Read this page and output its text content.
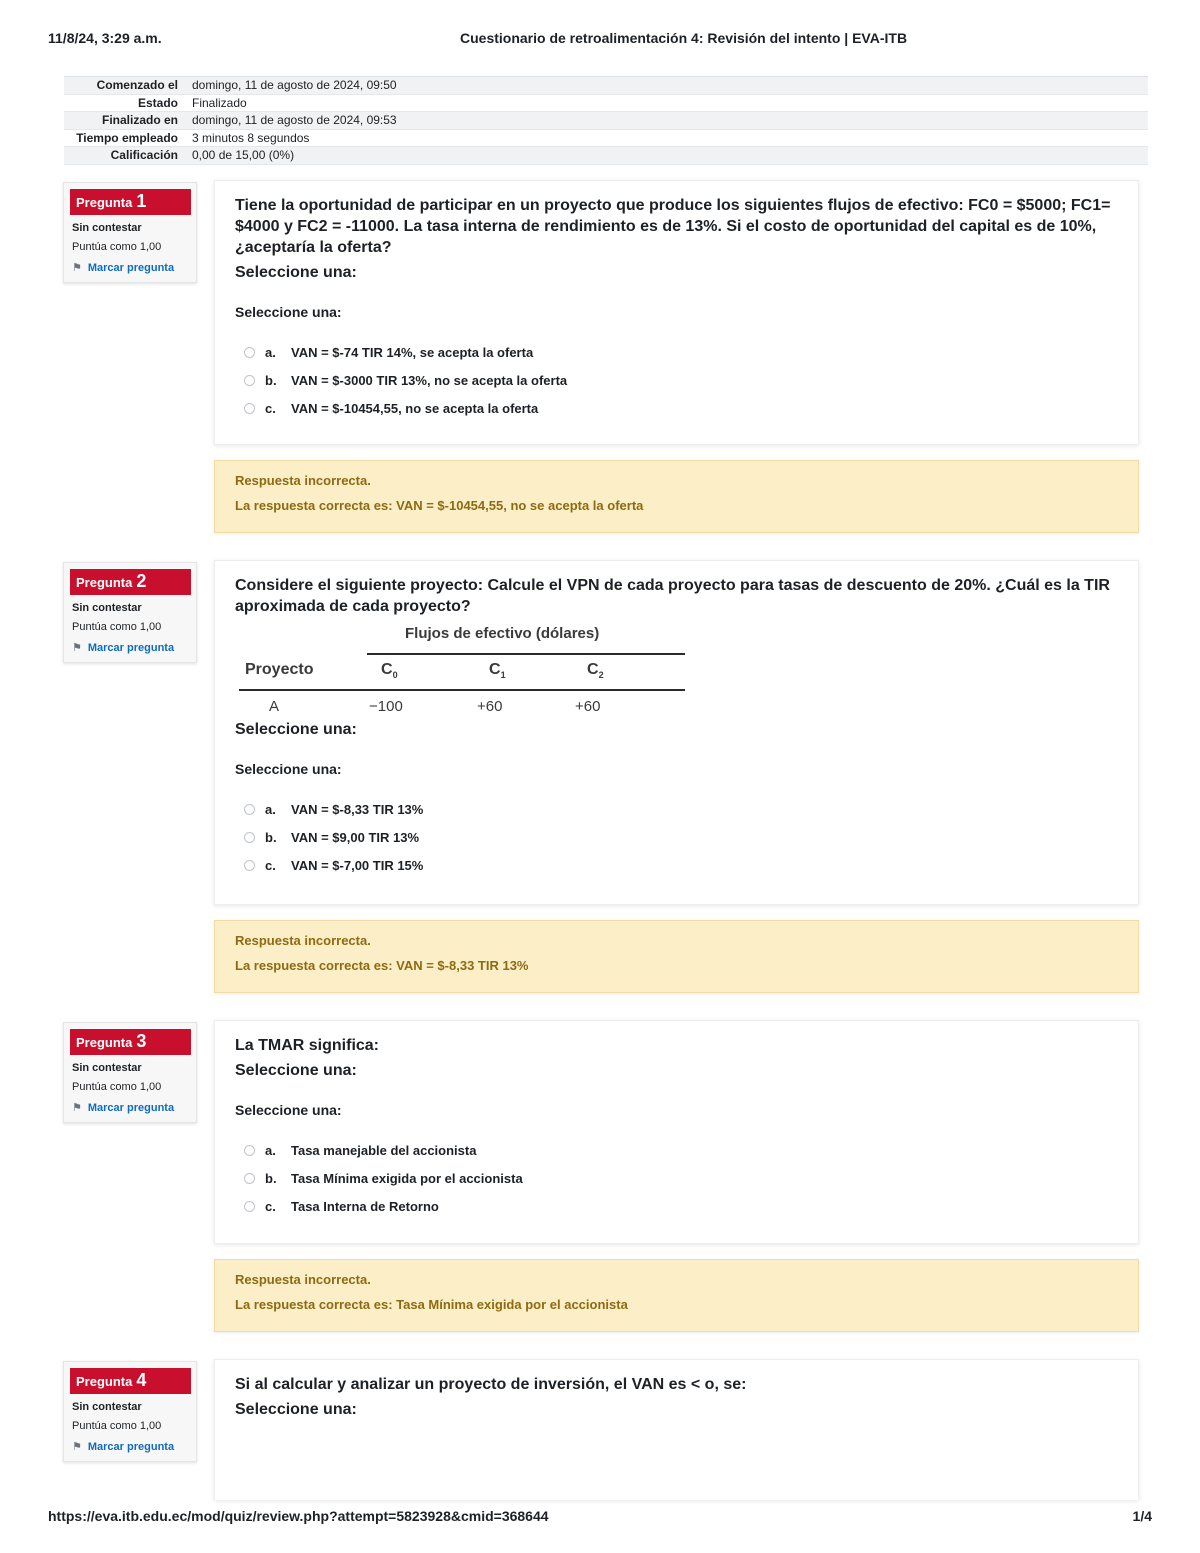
11/8/24, 3:29 a.m.	Cuestionario de retroalimentación 4: Revisión del intento | EVA-ITB
Comenzado el	domingo, 11 de agosto de 2024, 09:50
Estado	Finalizado
Finalizado en	domingo, 11 de agosto de 2024, 09:53
Tiempo empleado	3 minutos 8 segundos
Calificación	0,00 de 15,00 (0%)
Pregunta 1
Sin contestar
Puntúa como 1,00
⚑ Marcar pregunta
Tiene la oportunidad de participar en un proyecto que produce los siguientes flujos de efectivo: FC0 = $5000; FC1= $4000 y FC2 = -11000. La tasa interna de rendimiento es de 13%. Si el costo de oportunidad del capital es de 10%, ¿aceptaría la oferta?
Seleccione una:
Seleccione una:
a.	VAN = $-74 TIR 14%, se acepta la oferta
b.	VAN = $-3000 TIR 13%, no se acepta la oferta
c.	VAN = $-10454,55, no se acepta la oferta
Respuesta incorrecta.
La respuesta correcta es: VAN = $-10454,55, no se acepta la oferta
Pregunta 2
Sin contestar
Puntúa como 1,00
⚑ Marcar pregunta
Considere el siguiente proyecto: Calcule el VPN de cada proyecto para tasas de descuento de 20%. ¿Cuál es la TIR aproximada de cada proyecto?
Flujos de efectivo (dólares)
Proyecto	$C_0$	$C_1$	$C_2$
A	−100	+60	+60
Seleccione una:
Seleccione una:
a.	VAN = $-8,33 TIR 13%
b.	VAN = $9,00 TIR 13%
c.	VAN = $-7,00 TIR 15%
Respuesta incorrecta.
La respuesta correcta es: VAN = $-8,33 TIR 13%
Pregunta 3
Sin contestar
Puntúa como 1,00
⚑ Marcar pregunta
La TMAR significa:
Seleccione una:
Seleccione una:
a.	Tasa manejable del accionista
b.	Tasa Mínima exigida por el accionista
c.	Tasa Interna de Retorno
Respuesta incorrecta.
La respuesta correcta es: Tasa Mínima exigida por el accionista
Pregunta 4
Sin contestar
Puntúa como 1,00
⚑ Marcar pregunta
Si al calcular y analizar un proyecto de inversión, el VAN es < o, se:
Seleccione una:
https://eva.itb.edu.ec/mod/quiz/review.php?attempt=5823928&cmid=368644	1/4
